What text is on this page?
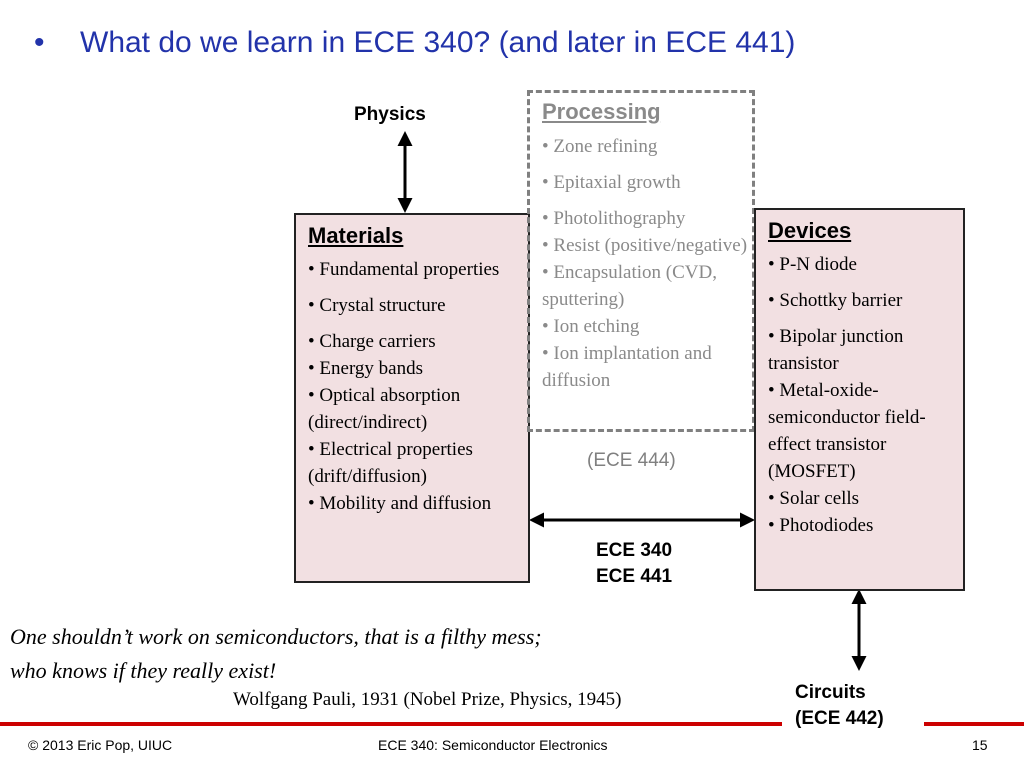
• What do we learn in ECE 340? (and later in ECE 441)
Physics
Materials
• Fundamental properties
• Crystal structure
• Charge carriers
• Energy bands
• Optical absorption (direct/indirect)
• Electrical properties (drift/diffusion)
• Mobility and diffusion
Processing
• Zone refining
• Epitaxial growth
• Photolithography
• Resist (positive/negative)
• Encapsulation (CVD, sputtering)
• Ion etching
• Ion implantation and diffusion
(ECE 444)
Devices
• P-N diode
• Schottky barrier
• Bipolar junction transistor
• Metal-oxide-semiconductor field-effect transistor (MOSFET)
• Solar cells
• Photodiodes
ECE 340
ECE 441
Circuits
(ECE 442)
One shouldn’t work on semiconductors, that is a filthy mess;
who knows if they really exist!
Wolfgang Pauli, 1931 (Nobel Prize, Physics, 1945)
© 2013 Eric Pop, UIUC	ECE 340: Semiconductor Electronics	15
